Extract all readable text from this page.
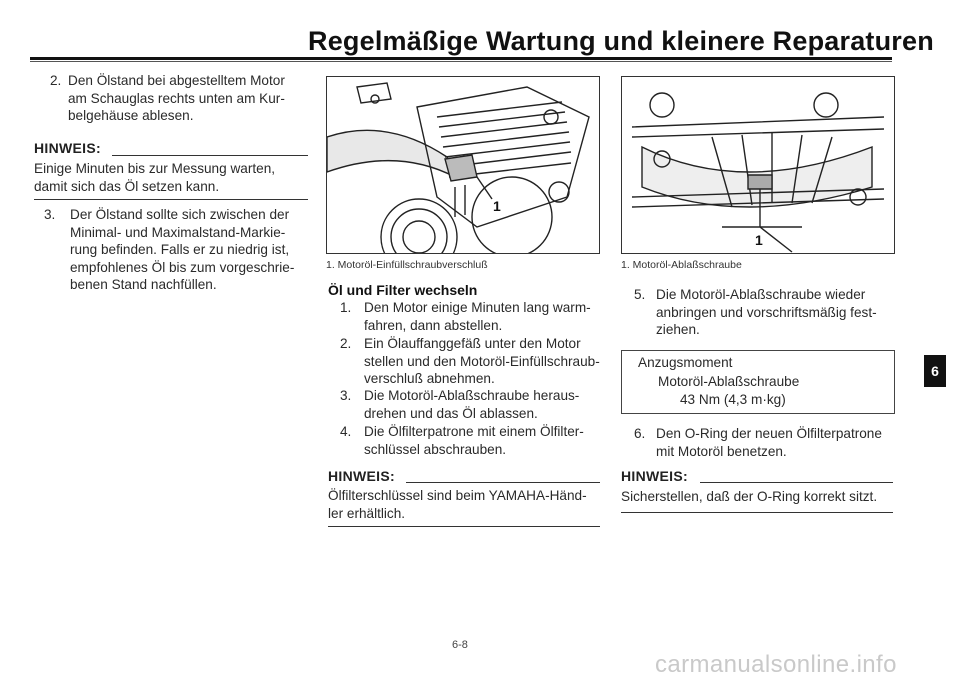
Regelmäßige Wartung und kleinere Reparaturen
2. Den Ölstand bei abgestelltem Motor
am Schauglas rechts unten am Kur-
belgehäuse ablesen.
HINWEIS:
Einige Minuten bis zur Messung warten,
damit sich das Öl setzen kann.
3. Der Ölstand sollte sich zwischen der
Minimal- und Maximalstand-Markie-
rung befinden. Falls er zu niedrig ist,
empfohlenes Öl bis zum vorgeschrie-
benen Stand nachfüllen.
1
1. Motoröl-Einfüllschraubverschluß
Öl und Filter wechseln
1. Den Motor einige Minuten lang warm-
fahren, dann abstellen.
2. Ein Ölauffanggefäß unter den Motor
stellen und den Motoröl-Einfüllschraub-
verschluß abnehmen.
3. Die Motoröl-Ablaßschraube heraus-
drehen und das Öl ablassen.
4. Die Ölfilterpatrone mit einem Ölfilter-
schlüssel abschrauben.
HINWEIS:
Ölfilterschlüssel sind beim YAMAHA-Händ-
ler erhältlich.
1
1. Motoröl-Ablaßschraube
5. Die Motoröl-Ablaßschraube wieder
anbringen und vorschriftsmäßig fest-
ziehen.
Anzugsmoment
Motoröl-Ablaßschraube
43 Nm (4,3 m·kg)
6. Den O-Ring der neuen Ölfilterpatrone
mit Motoröl benetzen.
HINWEIS:
Sicherstellen, daß der O-Ring korrekt sitzt.
6
6-8
carmanualsonline.info
